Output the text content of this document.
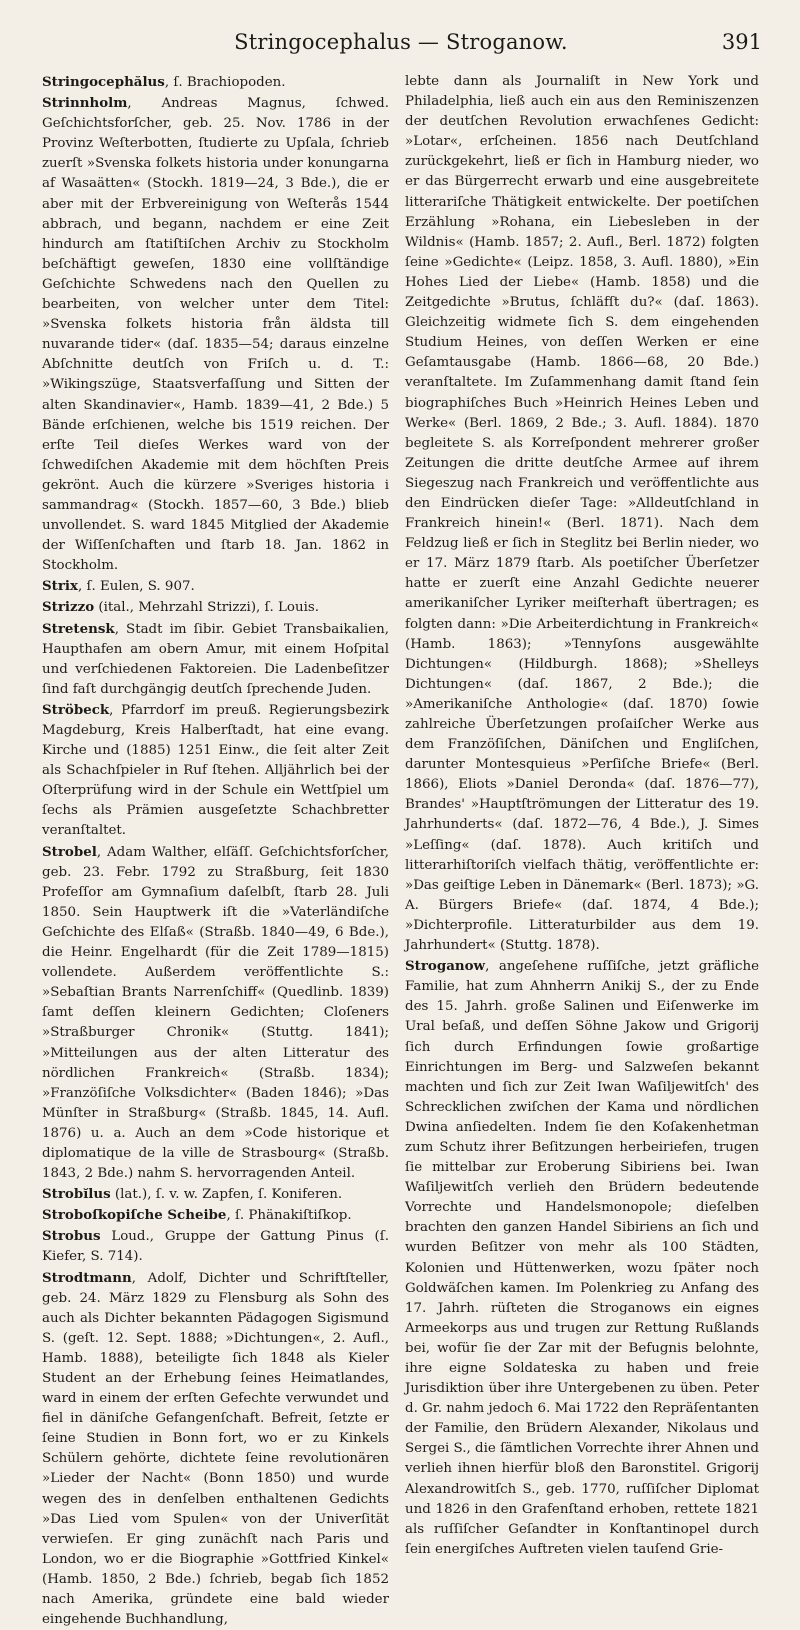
Stringocephalus — Stroganow.	391

Stringocephălus, ſ. Brachiopoden.

Strinnholm, Andreas Magnus, ſchwed. Geſchichtsforſcher, geb. 25. Nov. 1786 in der Provinz Weſterbotten, ſtudierte zu Upſala, ſchrieb zuerſt »Svenska folkets historia under konungarna af Wasaätten« (Stockh. 1819—24, 3 Bde.), die er aber mit der Erbvereinigung von Weſterås 1544 abbrach, und begann, nachdem er eine Zeit hindurch am ſtatiſtiſchen Archiv zu Stockholm beſchäftigt geweſen, 1830 eine vollſtändige Geſchichte Schwedens nach den Quellen zu bearbeiten, von welcher unter dem Titel: »Svenska folkets historia från äldsta till nuvarande tider« (daſ. 1835—54; daraus einzelne Abſchnitte deutſch von Friſch u. d. T.: »Wikingszüge, Staatsverfaſſung und Sitten der alten Skandinavier«, Hamb. 1839—41, 2 Bde.) 5 Bände erſchienen, welche bis 1519 reichen. Der erſte Teil dieſes Werkes ward von der ſchwediſchen Akademie mit dem höchſten Preis gekrönt. Auch die kürzere »Sveriges historia i sammandrag« (Stockh. 1857—60, 3 Bde.) blieb unvollendet. S. ward 1845 Mitglied der Akademie der Wiſſenſchaften und ſtarb 18. Jan. 1862 in Stockholm.

Strix, ſ. Eulen, S. 907.

Strizzo (ital., Mehrzahl Strizzi), ſ. Louis.

Stretensk, Stadt im ſibir. Gebiet Transbaikalien, Haupthafen am obern Amur, mit einem Hoſpital und verſchiedenen Faktoreien. Die Ladenbeſitzer ſind faſt durchgängig deutſch ſprechende Juden.

Ströbeck, Pfarrdorf im preuß. Regierungsbezirk Magdeburg, Kreis Halberſtadt, hat eine evang. Kirche und (1885) 1251 Einw., die ſeit alter Zeit als Schachſpieler in Ruf ſtehen. Alljährlich bei der Oſterprüfung wird in der Schule ein Wettſpiel um ſechs als Prämien ausgeſetzte Schachbretter veranſtaltet.

Strobel, Adam Walther, elſäſſ. Geſchichtsforſcher, geb. 23. Febr. 1792 zu Straßburg, ſeit 1830 Profeſſor am Gymnaſium daſelbſt, ſtarb 28. Juli 1850. Sein Hauptwerk iſt die »Vaterländiſche Geſchichte des Elſaß« (Straßb. 1840—49, 6 Bde.), die Heinr. Engelhardt (für die Zeit 1789—1815) vollendete. Außerdem veröffentlichte S.: »Sebaſtian Brants Narrenſchiff« (Quedlinb. 1839) ſamt deſſen kleinern Gedichten; Cloſeners »Straßburger Chronik« (Stuttg. 1841); »Mitteilungen aus der alten Litteratur des nördlichen Frankreich« (Straßb. 1834); »Franzöſiſche Volksdichter« (Baden 1846); »Das Münſter in Straßburg« (Straßb. 1845, 14. Aufl. 1876) u. a. Auch an dem »Code historique et diplomatique de la ville de Strasbourg« (Straßb. 1843, 2 Bde.) nahm S. hervorragenden Anteil.

Strobĭlus (lat.), ſ. v. w. Zapfen, ſ. Koniferen.

Stroboſkopiſche Scheibe, ſ. Phänakiſtiſkop.

Strobus Loud., Gruppe der Gattung Pinus (ſ. Kiefer, S. 714).

Strodtmann, Adolf, Dichter und Schriftſteller, geb. 24. März 1829 zu Flensburg als Sohn des auch als Dichter bekannten Pädagogen Sigismund S. (geſt. 12. Sept. 1888; »Dichtungen«, 2. Aufl., Hamb. 1888), beteiligte ſich 1848 als Kieler Student an der Erhebung ſeines Heimatlandes, ward in einem der erſten Gefechte verwundet und fiel in däniſche Gefangenſchaft. Befreit, ſetzte er ſeine Studien in Bonn fort, wo er zu Kinkels Schülern gehörte, dichtete ſeine revolutionären »Lieder der Nacht« (Bonn 1850) und wurde wegen des in denſelben enthaltenen Gedichts »Das Lied vom Spulen« von der Univerſität verwieſen. Er ging zunächſt nach Paris und London, wo er die Biographie »Gottfried Kinkel« (Hamb. 1850, 2 Bde.) ſchrieb, begab ſich 1852 nach Amerika, gründete eine bald wieder eingehende Buchhandlung,

lebte dann als Journaliſt in New York und Philadelphia, ließ auch ein aus den Reminiszenzen der deutſchen Revolution erwachſenes Gedicht: »Lotar«, erſcheinen. 1856 nach Deutſchland zurückgekehrt, ließ er ſich in Hamburg nieder, wo er das Bürgerrecht erwarb und eine ausgebreitete litterariſche Thätigkeit entwickelte. Der poetiſchen Erzählung »Rohana, ein Liebesleben in der Wildnis« (Hamb. 1857; 2. Aufl., Berl. 1872) folgten ſeine »Gedichte« (Leipz. 1858, 3. Aufl. 1880), »Ein Hohes Lied der Liebe« (Hamb. 1858) und die Zeitgedichte »Brutus, ſchläfſt du?« (daſ. 1863). Gleichzeitig widmete ſich S. dem eingehenden Studium Heines, von deſſen Werken er eine Geſamtausgabe (Hamb. 1866—68, 20 Bde.) veranſtaltete. Im Zuſammenhang damit ſtand ſein biographiſches Buch »Heinrich Heines Leben und Werke« (Berl. 1869, 2 Bde.; 3. Aufl. 1884). 1870 begleitete S. als Korreſpondent mehrerer großer Zeitungen die dritte deutſche Armee auf ihrem Siegeszug nach Frankreich und veröffentlichte aus den Eindrücken dieſer Tage: »Alldeutſchland in Frankreich hinein!« (Berl. 1871). Nach dem Feldzug ließ er ſich in Steglitz bei Berlin nieder, wo er 17. März 1879 ſtarb. Als poetiſcher Überſetzer hatte er zuerſt eine Anzahl Gedichte neuerer amerikaniſcher Lyriker meiſterhaft übertragen; es folgten dann: »Die Arbeiterdichtung in Frankreich« (Hamb. 1863); »Tennyſons ausgewählte Dichtungen« (Hildburgh. 1868); »Shelleys Dichtungen« (daſ. 1867, 2 Bde.); die »Amerikaniſche Anthologie« (daſ. 1870) ſowie zahlreiche Überſetzungen proſaiſcher Werke aus dem Franzöſiſchen, Däniſchen und Engliſchen, darunter Montesquieus »Perſiſche Briefe« (Berl. 1866), Eliots »Daniel Deronda« (daſ. 1876—77), Brandes' »Hauptſtrömungen der Litteratur des 19. Jahrhunderts« (daſ. 1872—76, 4 Bde.), J. Simes »Leſſing« (daſ. 1878). Auch kritiſch und litterarhiſtoriſch vielfach thätig, veröffentlichte er: »Das geiſtige Leben in Dänemark« (Berl. 1873); »G. A. Bürgers Briefe« (daſ. 1874, 4 Bde.); »Dichterprofile. Litteraturbilder aus dem 19. Jahrhundert« (Stuttg. 1878).

Stroganow, angeſehene ruſſiſche, jetzt gräfliche Familie, hat zum Ahnherrn Anikij S., der zu Ende des 15. Jahrh. große Salinen und Eiſenwerke im Ural beſaß, und deſſen Söhne Jakow und Grigorij ſich durch Erfindungen ſowie großartige Einrichtungen im Berg- und Salzweſen bekannt machten und ſich zur Zeit Iwan Waſiljewitſch' des Schrecklichen zwiſchen der Kama und nördlichen Dwina anſiedelten. Indem ſie den Koſakenhetman zum Schutz ihrer Beſitzungen herbeiriefen, trugen ſie mittelbar zur Eroberung Sibiriens bei. Iwan Waſiljewitſch verlieh den Brüdern bedeutende Vorrechte und Handelsmonopole; dieſelben brachten den ganzen Handel Sibiriens an ſich und wurden Beſitzer von mehr als 100 Städten, Kolonien und Hüttenwerken, wozu ſpäter noch Goldwäſchen kamen. Im Polenkrieg zu Anfang des 17. Jahrh. rüſteten die Stroganows ein eignes Armeekorps aus und trugen zur Rettung Rußlands bei, wofür ſie der Zar mit der Befugnis belohnte, ihre eigne Soldateska zu haben und freie Jurisdiktion über ihre Untergebenen zu üben. Peter d. Gr. nahm jedoch 6. Mai 1722 den Repräſentanten der Familie, den Brüdern Alexander, Nikolaus und Sergei S., die ſämtlichen Vorrechte ihrer Ahnen und verlieh ihnen hierfür bloß den Baronstitel. Grigorij Alexandrowitſch S., geb. 1770, ruſſiſcher Diplomat und 1826 in den Grafenſtand erhoben, rettete 1821 als ruſſiſcher Geſandter in Konſtantinopel durch ſein energiſches Auftreten vielen tauſend Grie-
